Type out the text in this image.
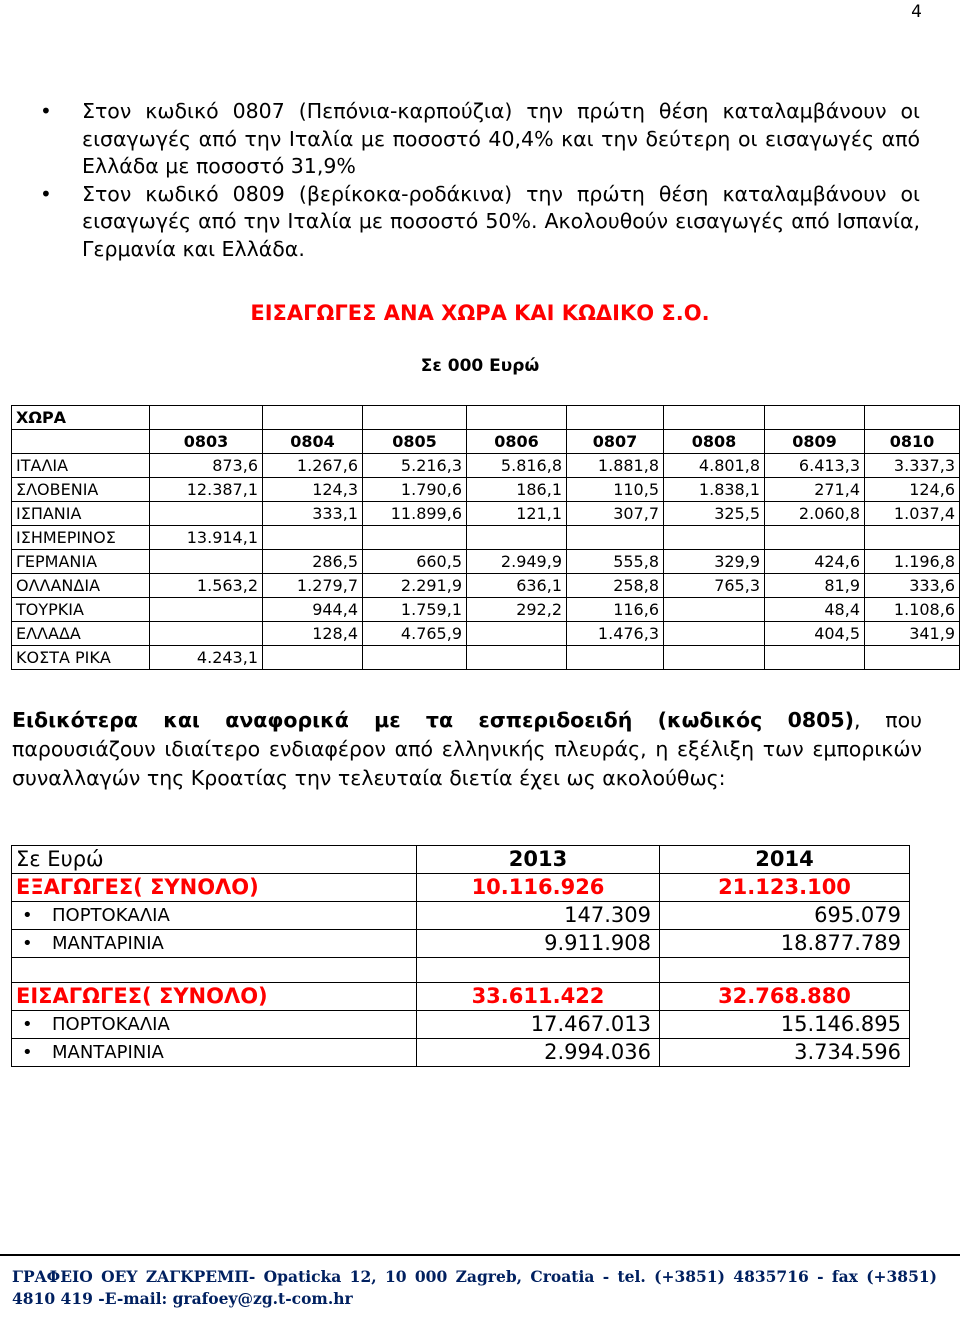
4
• Στον κωδικό 0807 (Πεπόνια-καρπούζια) την πρώτη θέση καταλαμβάνουν οι εισαγωγές από την Ιταλία με ποσοστό 40,4% και την δεύτερη οι εισαγωγές από Ελλάδα με ποσοστό 31,9%
• Στον κωδικό 0809 (βερίκοκα-ροδάκινα) την πρώτη θέση καταλαμβάνουν οι εισαγωγές από την Ιταλία με ποσοστό 50%. Ακολουθούν εισαγωγές από Ισπανία, Γερμανία και Ελλάδα.
ΕΙΣΑΓΩΓΕΣ ΑΝΑ ΧΩΡΑ ΚΑΙ ΚΩΔΙΚΟ Σ.Ο.
Σε 000 Ευρώ
ΧΩΡΑ								
	0803	0804	0805	0806	0807	0808	0809	0810
ΙΤΑΛΙΑ	873,6	1.267,6	5.216,3	5.816,8	1.881,8	4.801,8	6.413,3	3.337,3
ΣΛΟΒΕΝΙΑ	12.387,1	124,3	1.790,6	186,1	110,5	1.838,1	271,4	124,6
ΙΣΠΑΝΙΑ		333,1	11.899,6	121,1	307,7	325,5	2.060,8	1.037,4
ΙΣΗΜΕΡΙΝΟΣ	13.914,1							
ΓΕΡΜΑΝΙΑ		286,5	660,5	2.949,9	555,8	329,9	424,6	1.196,8
ΟΛΛΑΝΔΙΑ	1.563,2	1.279,7	2.291,9	636,1	258,8	765,3	81,9	333,6
ΤΟΥΡΚΙΑ		944,4	1.759,1	292,2	116,6		48,4	1.108,6
ΕΛΛΑΔΑ		128,4	4.765,9		1.476,3		404,5	341,9
ΚΟΣΤΑ ΡΙΚΑ	4.243,1							

Ειδικότερα και αναφορικά με τα εσπεριδοειδή (κωδικός 0805), που παρουσιάζουν ιδιαίτερο ενδιαφέρον από ελληνικής πλευράς, η εξέλιξη των εμπορικών συναλλαγών της Κροατίας την τελευταία διετία έχει ως ακολούθως:

Σε Ευρώ	2013	2014
ΕΞΑΓΩΓΕΣ( ΣΥΝΟΛΟ)	10.116.926	21.123.100

• ΠΟΡΤΟΚΑΛΙΑ	147.309	695.079

• ΜΑΝΤΑΡΙΝΙΑ	9.911.908	18.877.789

ΕΙΣΑΓΩΓΕΣ( ΣΥΝΟΛΟ)	33.611.422	32.768.880

• ΠΟΡΤΟΚΑΛΙΑ	17.467.013	15.146.895

• ΜΑΝΤΑΡΙΝΙΑ	2.994.036	3.734.596

ΓΡΑΦΕΙΟ ΟΕΥ ΖΑΓΚΡΕΜΠ- Opaticka 12, 10 000 Zagreb, Croatia - tel. (+3851) 4835716 - fax (+3851) 4810 419 -E-mail: grafoey@zg.t-com.hr
